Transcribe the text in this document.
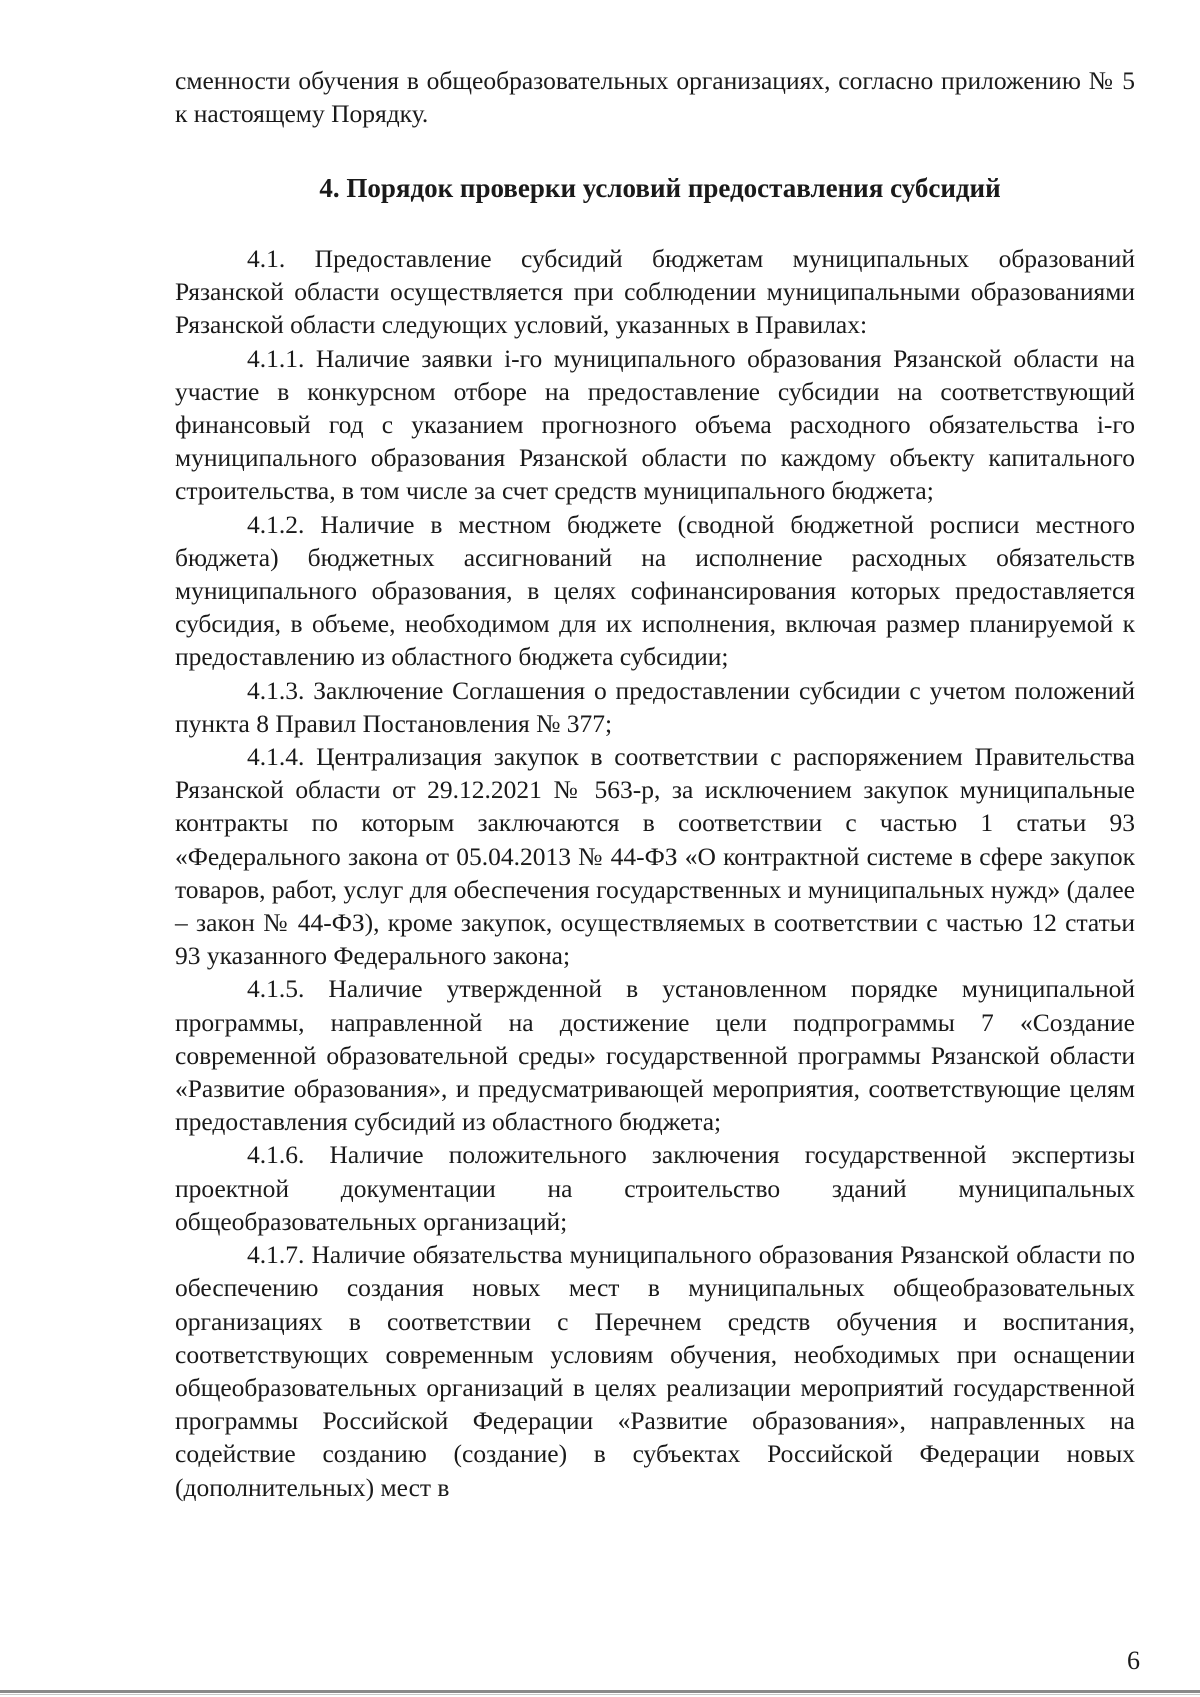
сменности обучения в общеобразовательных организациях, согласно приложению № 5 к настоящему Порядку.
4. Порядок проверки условий предоставления субсидий

4.1. Предоставление субсидий бюджетам муниципальных образований Рязанской области осуществляется при соблюдении муниципальными образованиями Рязанской области следующих условий, указанных в Правилах:

4.1.1. Наличие заявки i-го муниципального образования Рязанской области на участие в конкурсном отборе на предоставление субсидии на соответствующий финансовый год с указанием прогнозного объема расходного обязательства i-го муниципального образования Рязанской области по каждому объекту капитального строительства, в том числе за счет средств муниципального бюджета;

4.1.2. Наличие в местном бюджете (сводной бюджетной росписи местного бюджета) бюджетных ассигнований на исполнение расходных обязательств муниципального образования, в целях софинансирования которых предоставляется субсидия, в объеме, необходимом для их исполнения, включая размер планируемой к предоставлению из областного бюджета субсидии;

4.1.3. Заключение Соглашения о предоставлении субсидии с учетом положений пункта 8 Правил Постановления № 377;

4.1.4. Централизация закупок в соответствии с распоряжением Правительства Рязанской области от 29.12.2021 № 563-р, за исключением закупок муниципальные контракты по которым заключаются в соответствии с частью 1 статьи 93 «Федерального закона от 05.04.2013 № 44-ФЗ «О контрактной системе в сфере закупок товаров, работ, услуг для обеспечения государственных и муниципальных нужд» (далее – закон № 44-ФЗ), кроме закупок, осуществляемых в соответствии с частью 12 статьи 93 указанного Федерального закона;

4.1.5. Наличие утвержденной в установленном порядке муниципальной программы, направленной на достижение цели подпрограммы 7 «Создание современной образовательной среды» государственной программы Рязанской области «Развитие образования», и предусматривающей мероприятия, соответствующие целям предоставления субсидий из областного бюджета;

4.1.6. Наличие положительного заключения государственной экспертизы проектной документации на строительство зданий муниципальных общеобразовательных организаций;

4.1.7. Наличие обязательства муниципального образования Рязанской области по обеспечению создания новых мест в муниципальных общеобразовательных организациях в соответствии с Перечнем средств обучения и воспитания, соответствующих современным условиям обучения, необходимых при оснащении общеобразовательных организаций в целях реализации мероприятий государственной программы Российской Федерации «Развитие образования», направленных на содействие созданию (создание) в субъектах Российской Федерации новых (дополнительных) мест в

6
